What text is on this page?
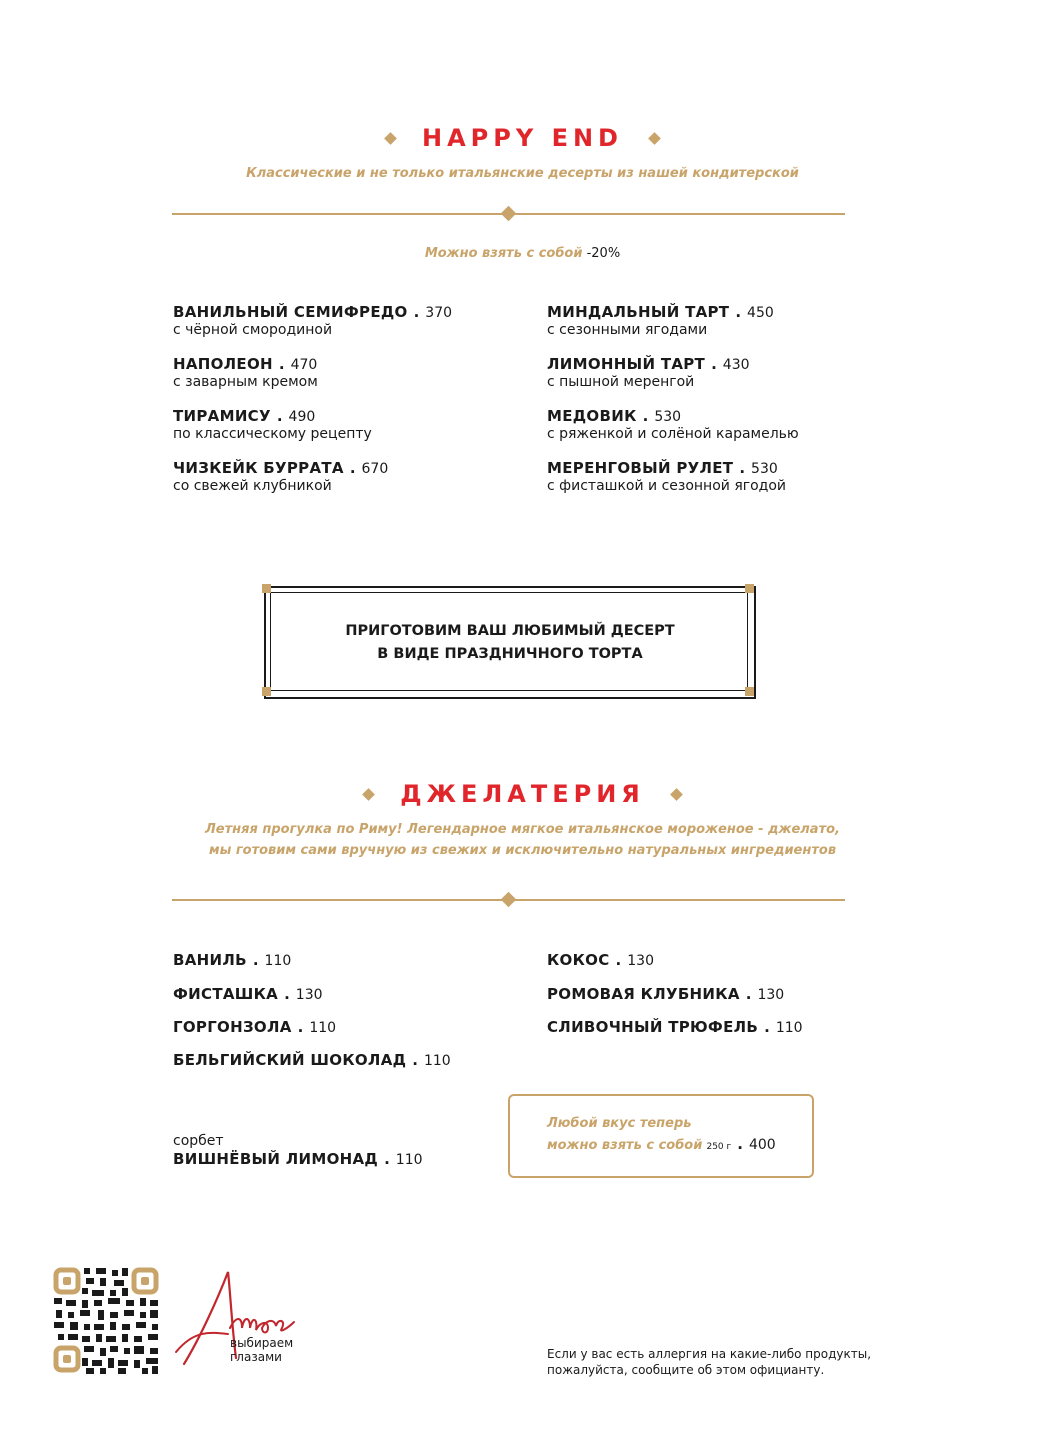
HAPPY END
Классические и не только итальянские десерты из нашей кондитерской
Можно взять с собой -20%
ВАНИЛЬНЫЙ СЕМИФРЕДО . 370
с чёрной смородиной
НАПОЛЕОН . 470
с заварным кремом
ТИРАМИСУ . 490
по классическому рецепту
ЧИЗКЕЙК БУРРАТА . 670
со свежей клубникой
МИНДАЛЬНЫЙ ТАРТ . 450
с сезонными ягодами
ЛИМОННЫЙ ТАРТ . 430
с пышной меренгой
МЕДОВИК . 530
с ряженкой и солёной карамелью
МЕРЕНГОВЫЙ РУЛЕТ . 530
с фисташкой и сезонной ягодой
ПРИГОТОВИМ ВАШ ЛЮБИМЫЙ ДЕСЕРТ
В ВИДЕ ПРАЗДНИЧНОГО ТОРТА
ДЖЕЛАТЕРИЯ
Летняя прогулка по Риму! Легендарное мягкое итальянское мороженое - джелато,
мы готовим сами вручную из свежих и исключительно натуральных ингредиентов
ВАНИЛЬ . 110
ФИСТАШКА . 130
ГОРГОНЗОЛА . 110
БЕЛЬГИЙСКИЙ ШОКОЛАД . 110
КОКОС . 130
РОМОВАЯ КЛУБНИКА . 130
СЛИВОЧНЫЙ ТРЮФЕЛЬ . 110
сорбет
ВИШНЁВЫЙ ЛИМОНАД . 110
Любой вкус теперь
можно взять с собой 250 г . 400
выбираем
глазами	Если у вас есть аллергия на какие-либо продукты,
пожалуйста, сообщите об этом официанту.
